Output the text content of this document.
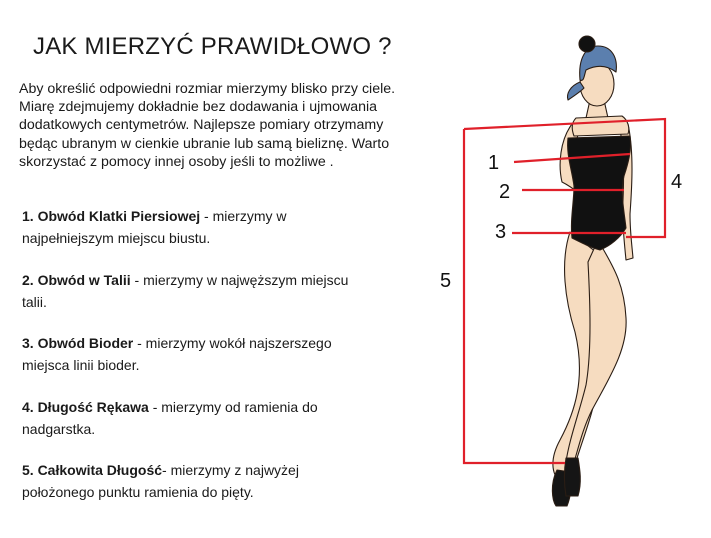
JAK MIERZYĆ PRAWIDŁOWO ?
Aby określić odpowiedni rozmiar mierzymy blisko przy ciele.
Miarę zdejmujemy dokładnie bez dodawania i ujmowania
dodatkowych centymetrów. Najlepsze pomiary otrzymamy
będąc ubranym w cienkie ubranie lub samą bieliznę. Warto
skorzystać z pomocy innej osoby jeśli to możliwe .
1. Obwód Klatki Piersiowej - mierzymy w
najpełniejszym miejscu biustu.
2. Obwód w Talii - mierzymy w najwęższym miejscu
talii.
3. Obwód Bioder - mierzymy wokół najszerszego
miejsca linii bioder.
4. Długość Rękawa - mierzymy od ramienia do
nadgarstka.
5. Całkowita Długość- mierzymy z najwyżej
położonego punktu ramienia do pięty.
1
2
3
4
5
